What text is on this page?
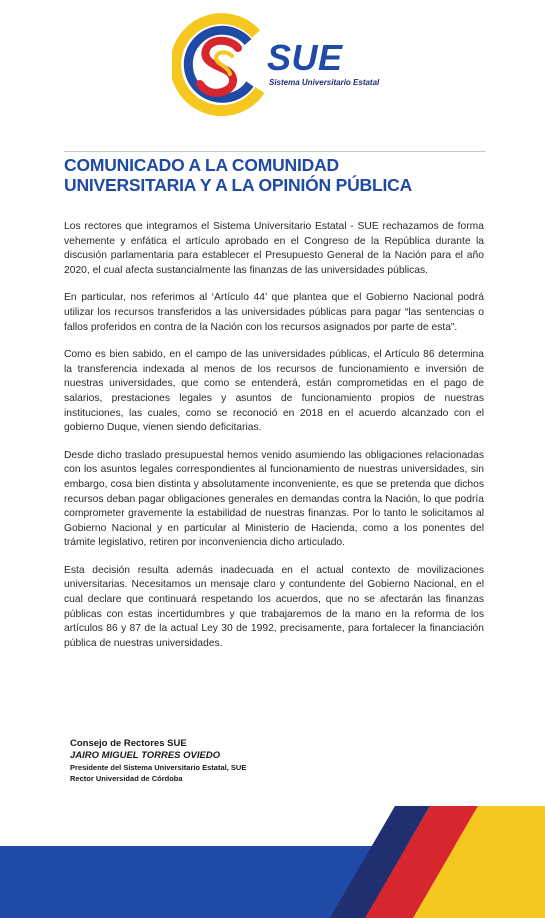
SUE
Sistema Universitario Estatal
COMUNICADO A LA COMUNIDAD
UNIVERSITARIA Y A LA OPINIÓN PÚBLICA

Los rectores que integramos el Sistema Universitario Estatal - SUE rechazamos de forma vehemente y enfática el artículo aprobado en el Congreso de la República durante la discusión parlamentaria para establecer el Presupuesto General de la Nación para el año 2020, el cual afecta sustancialmente las finanzas de las universidades públicas.

En particular, nos referimos al ‘Artículo 44’ que plantea que el Gobierno Nacional podrá utilizar los recursos transferidos a las universidades públicas para pagar “las sentencias o fallos proferidos en contra de la Nación con los recursos asignados por parte de esta”.

Como es bien sabido, en el campo de las universidades públicas, el Artículo 86 determina la transferencia indexada al menos de los recursos de funcionamiento e inversión de nuestras universidades, que como se entenderá, están comprometidas en el pago de salarios, prestaciones legales y asuntos de funcionamiento propios de nuestras instituciones, las cuales, como se reconoció en 2018 en el acuerdo alcanzado con el gobierno Duque, vienen siendo deficitarias.

Desde dicho traslado presupuestal hemos venido asumiendo las obligaciones relacionadas con los asuntos legales correspondientes al funcionamiento de nuestras universidades, sin embargo, cosa bien distinta y absolutamente inconveniente, es que se pretenda que dichos recursos deban pagar obligaciones generales en demandas contra la Nación, lo que podría comprometer gravemente la estabilidad de nuestras finanzas. Por lo tanto le solicitamos al Gobierno Nacional y en particular al Ministerio de Hacienda, como a los ponentes del trámite legislativo, retiren por inconveniencia dicho articulado.

Esta decisión resulta además inadecuada en el actual contexto de movilizaciones universitarias. Necesitamos un mensaje claro y contundente del Gobierno Nacional, en el cual declare que continuará respetando los acuerdos, que no se afectarán las finanzas públicas con estas incertidumbres y que trabajaremos de la mano en la reforma de los artículos 86 y 87 de la actual Ley 30 de 1992, precisamente, para fortalecer la financiación pública de nuestras universidades.

Consejo de Rectores SUE
JAIRO MIGUEL TORRES OVIEDO
Presidente del Sistema Universitario Estatal, SUE
Rector Universidad de Córdoba
